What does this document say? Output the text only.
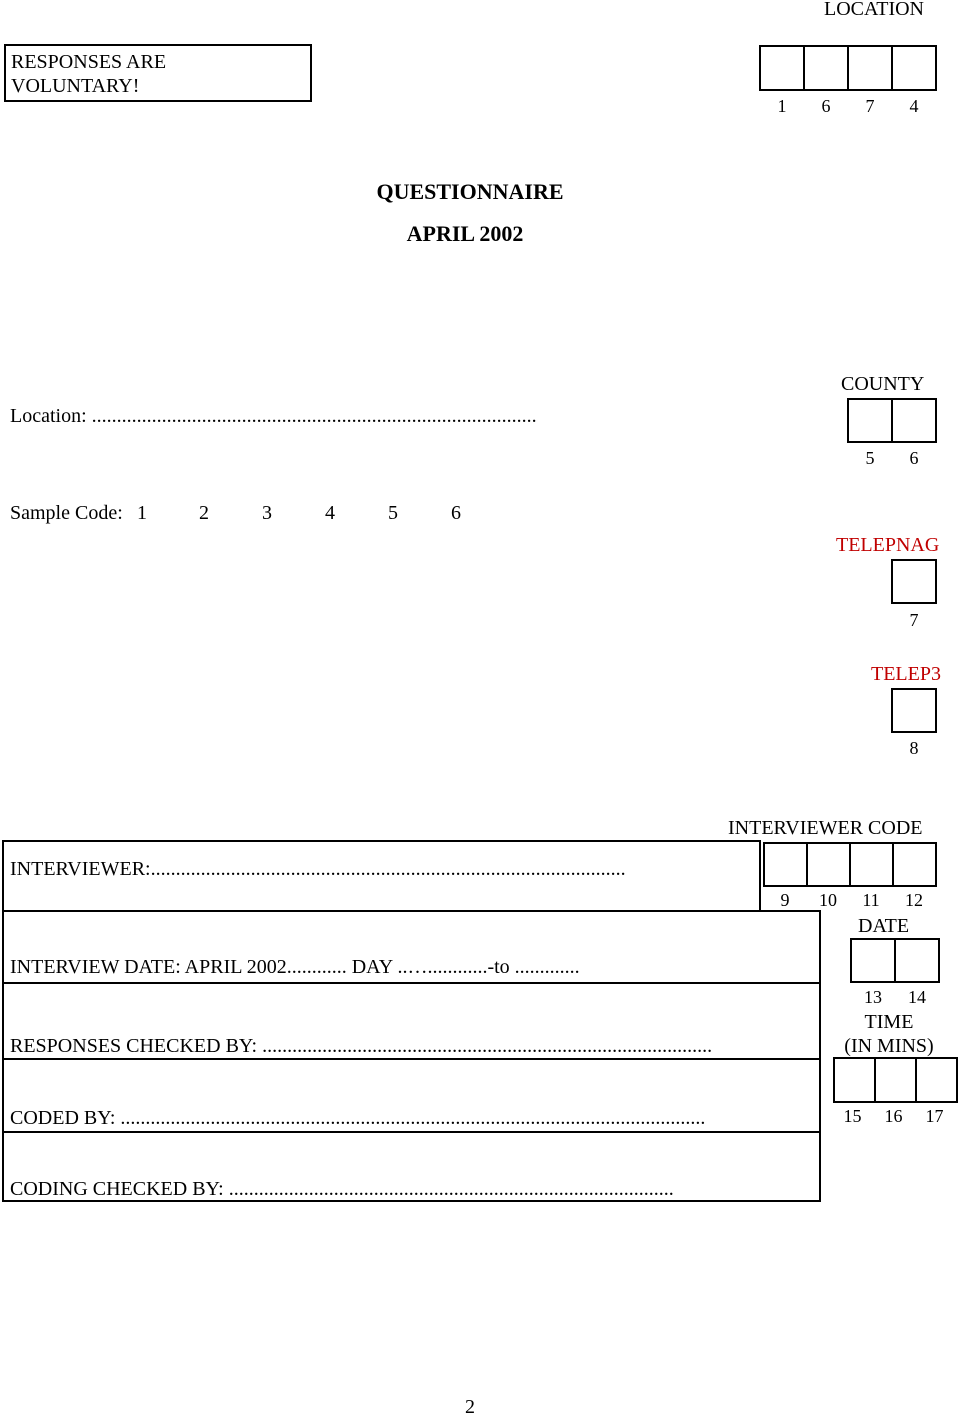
LOCATION
RESPONSES ARE VOLUNTARY!
1	6	7	4
QUESTIONNAIRE
APRIL 2002
Location: .........................................................................................
COUNTY
5	6
Sample Code: 1	2	3	4	5	6
TELEPNAG
7
TELEP3
8
INTERVIEWER CODE
9	10	11	12
INTERVIEWER:...............................................................................................
INTERVIEW DATE: APRIL 2002............ DAY ..…............-to .............
RESPONSES CHECKED BY: ..........................................................................................
CODED BY: .....................................................................................................................
CODING CHECKED BY: .........................................................................................
DATE
13	14
TIME
(IN MINS)
15	16	17
2
